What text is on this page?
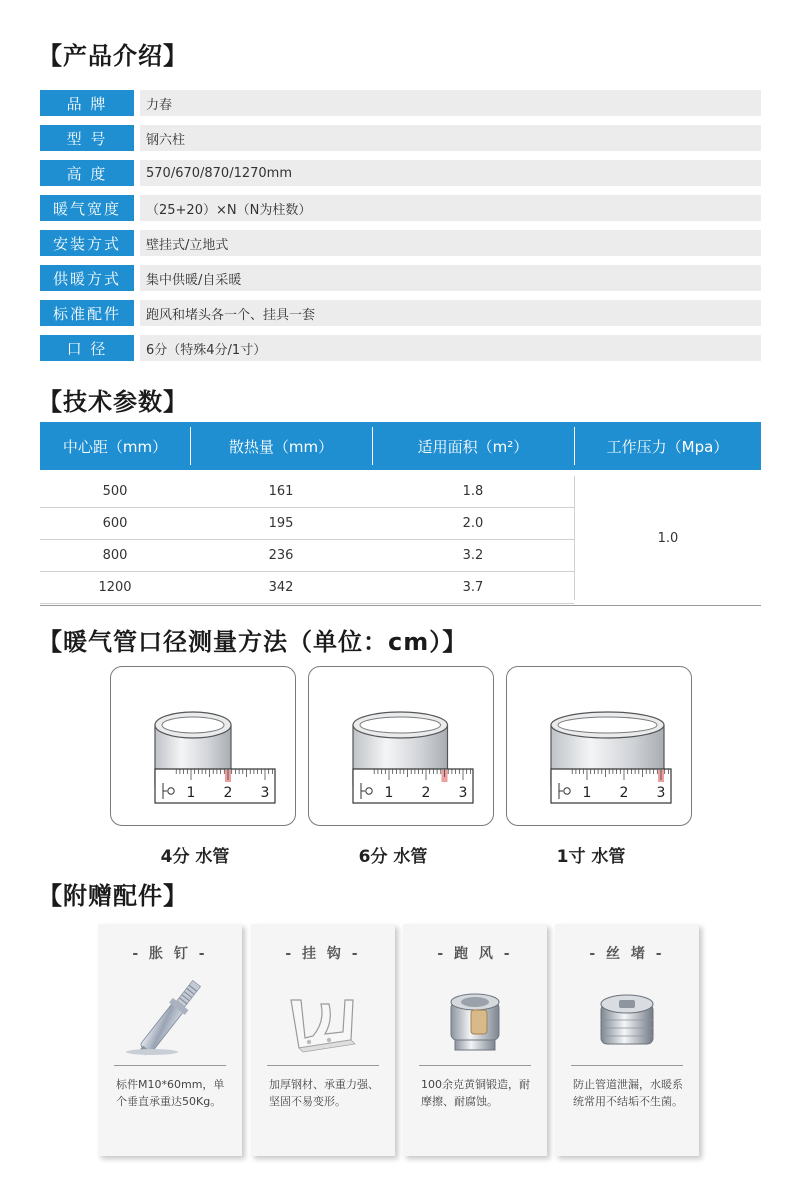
【产品介绍】
品 牌	力春
型 号	钢六柱
高 度	570/670/870/1270mm
暖气宽度	（25+20）×N（N为柱数）
安装方式	壁挂式/立地式
供暖方式	集中供暖/自采暖
标准配件	跑风和堵头各一个、挂具一套
口 径	6分（特殊4分/1寸）
【技术参数】
中心距（mm）	散热量（mm）	适用面积（m²）	工作压力（Mpa）
500	161	1.8
600	195	2.0
800	236	3.2
1200	342	3.7
1.0
【暖气管口径测量方法（单位：cm）】
1 2 3	1 2 3	1 2 3
4分 水管	6分 水管	1寸 水管
【附赠配件】
- 胀 钉 -
标件M10*60mm，单个垂直承重达50Kg。
- 挂 钩 -
加厚钢材、承重力强、坚固不易变形。
- 跑 风 -
100余克黄铜锻造，耐摩擦、耐腐蚀。
- 丝 堵 -
防止管道泄漏，水暖系统常用不结垢不生菌。
